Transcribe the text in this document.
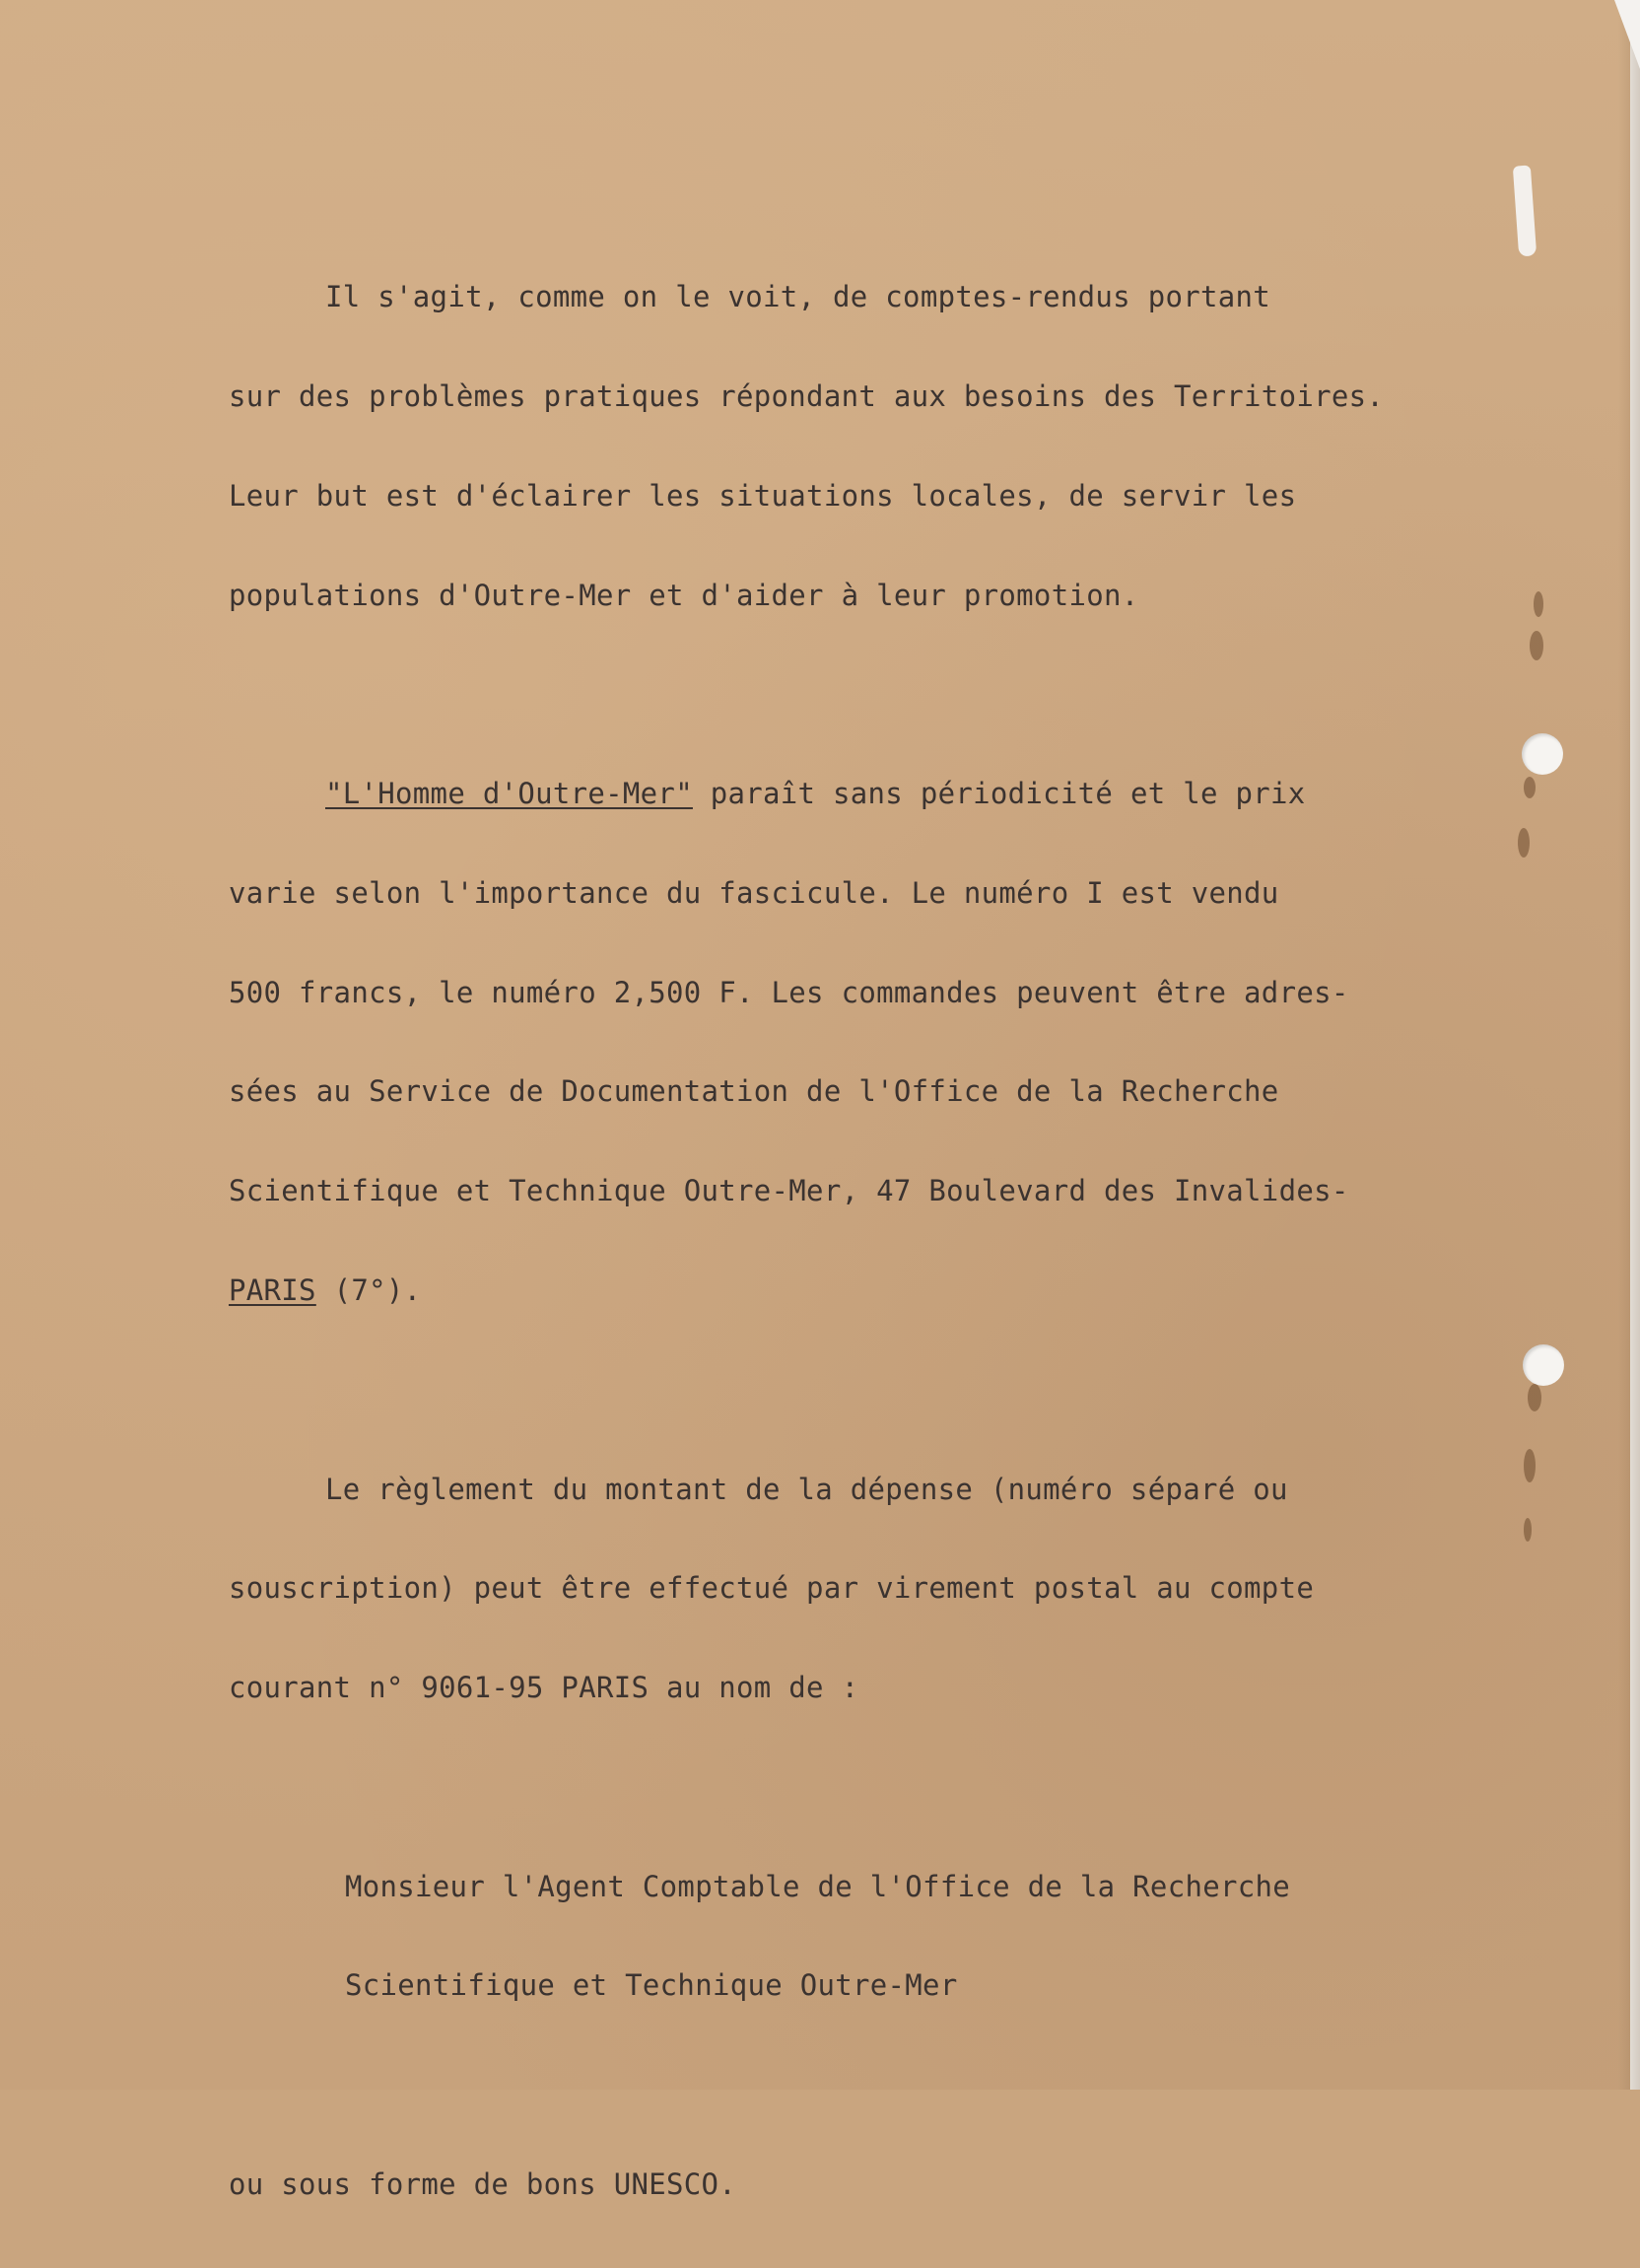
Il s'agit, comme on le voit, de comptes-rendus portant

sur des problèmes pratiques répondant aux besoins des Territoires.

Leur but est d'éclairer les situations locales, de servir les

populations d'Outre-Mer et d'aider à leur promotion.

"L'Homme d'Outre-Mer" paraît sans périodicité et le prix

varie selon l'importance du fascicule. Le numéro I est vendu

500 francs, le numéro 2,500 F. Les commandes peuvent être adres-

sées au Service de Documentation de l'Office de la Recherche

Scientifique et Technique Outre-Mer, 47 Boulevard des Invalides-

PARIS (7°).

Le règlement du montant de la dépense (numéro séparé ou

souscription) peut être effectué par virement postal au compte

courant n° 9061-95 PARIS au nom de :

Monsieur l'Agent Comptable de l'Office de la Recherche

Scientifique et Technique Outre-Mer

ou sous forme de bons UNESCO.
